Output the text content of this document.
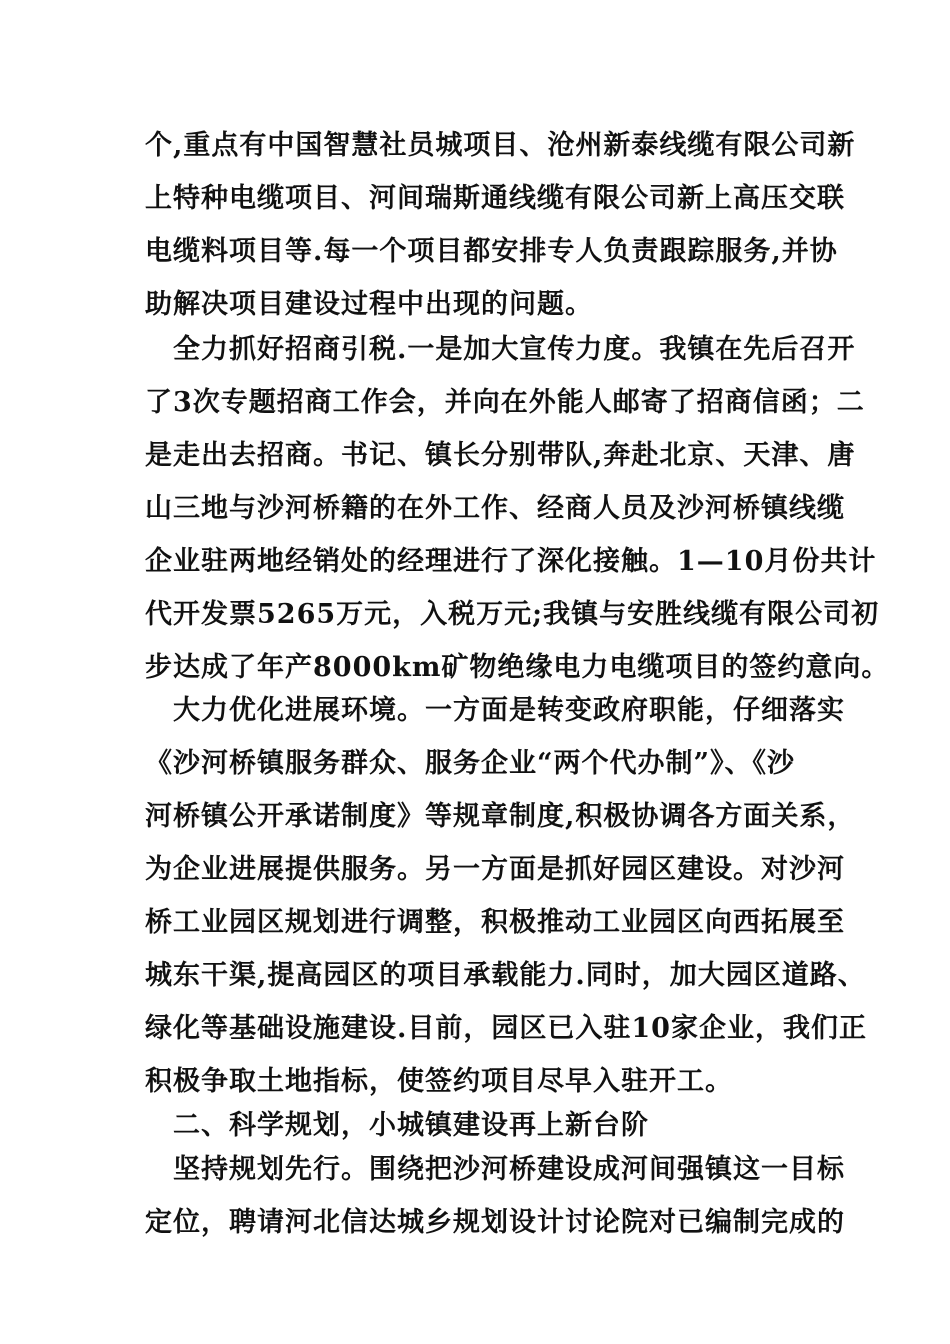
个,重点有中国智慧社员城项目、沧州新泰线缆有限公司新
上特种电缆项目、河间瑞斯通线缆有限公司新上高压交联
电缆料项目等.每一个项目都安排专人负责跟踪服务,并协
助解决项目建设过程中出现的问题。
全力抓好招商引税.一是加大宣传力度。我镇在先后召开
了3次专题招商工作会，并向在外能人邮寄了招商信函；二
是走出去招商。书记、镇长分别带队,奔赴北京、天津、唐
山三地与沙河桥籍的在外工作、经商人员及沙河桥镇线缆
企业驻两地经销处的经理进行了深化接触。1—10月份共计
代开发票5265万元，入税万元;我镇与安胜线缆有限公司初
步达成了年产8000km矿物绝缘电力电缆项目的签约意向。
大力优化进展环境。一方面是转变政府职能，仔细落实
《沙河桥镇服务群众、服务企业“两个代办制”》、《沙
河桥镇公开承诺制度》等规章制度,积极协调各方面关系，
为企业进展提供服务。另一方面是抓好园区建设。对沙河
桥工业园区规划进行调整，积极推动工业园区向西拓展至
城东干渠,提高园区的项目承载能力.同时，加大园区道路、
绿化等基础设施建设.目前，园区已入驻10家企业，我们正
积极争取土地指标，使签约项目尽早入驻开工。
二、科学规划，小城镇建设再上新台阶
坚持规划先行。围绕把沙河桥建设成河间强镇这一目标
定位，聘请河北信达城乡规划设计讨论院对已编制完成的
